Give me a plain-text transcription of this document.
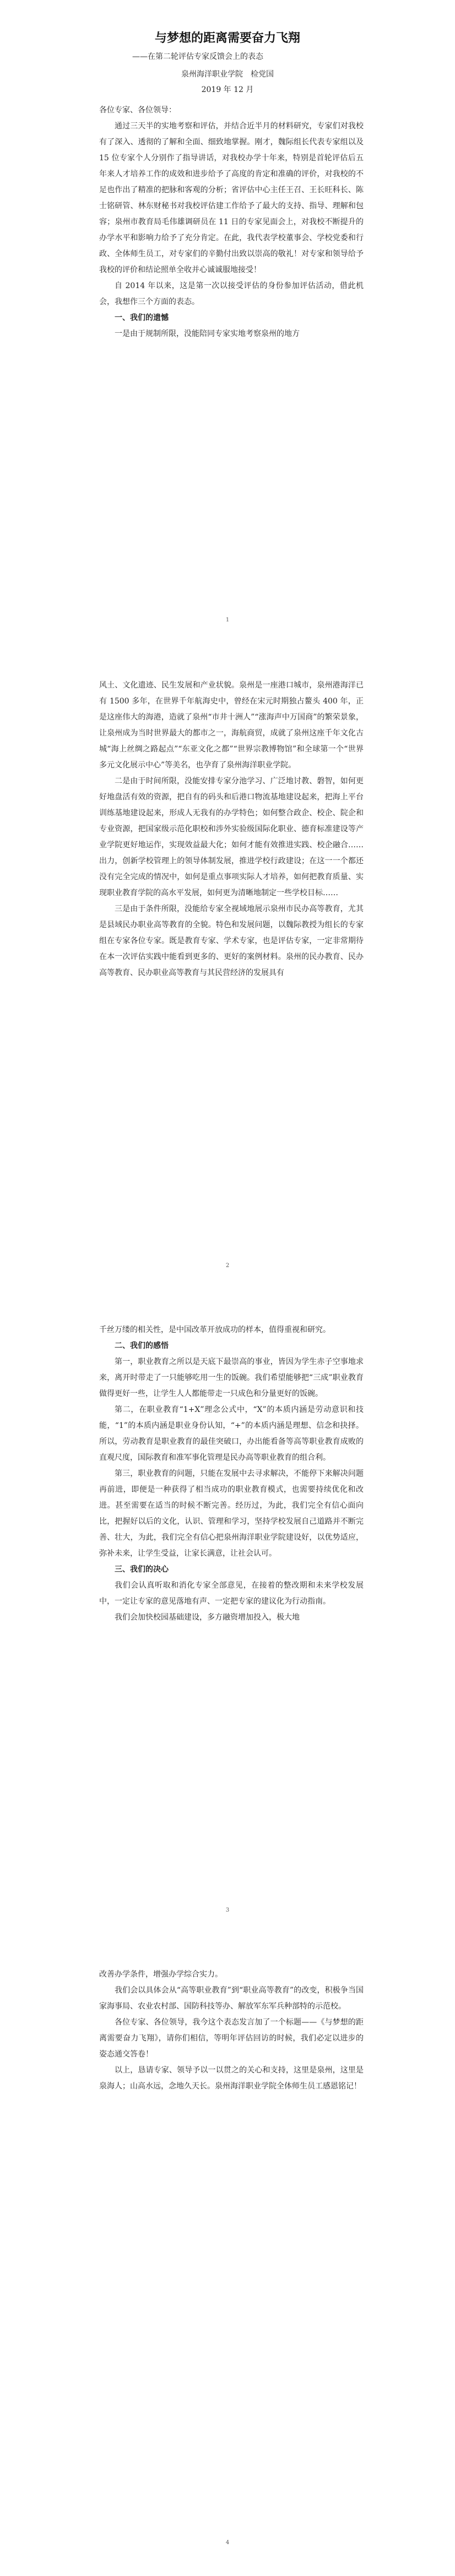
与梦想的距离需要奋力飞翔
——在第二轮评估专家反馈会上的表态
泉州海洋职业学院　检党国
2019 年 12 月

各位专家、各位领导：

通过三天半的实地考察和评估，并结合近半月的材料研究，专家们对我校有了深入、透彻的了解和全面、细致地掌握。刚才，魏际组长代表专家组以及 15 位专家个人分别作了指导讲话，对我校办学十年来，特别是首轮评估后五年来人才培养工作的成效和进步给予了高度的肯定和准确的评价，对我校的不足也作出了精准的把脉和客观的分析；省评估中心主任王召、王长旺科长、陈士铭研管、林东财秘书对我校评估建工作给予了最大的支持、指导、理解和包容；泉州市教育局毛伟雄调研员在 11 日的专家见面会上，对我校不断提升的办学水平和影响力给予了充分肯定。在此，我代表学校董事会、学校党委和行政、全体师生员工，对专家们的辛勤付出致以崇高的敬礼！对专家和领导给予我校的评价和结论照单全收并心诚诚服地接受！

自 2014 年以来，这是第一次以接受评估的身份参加评估活动，借此机会，我想作三个方面的表态。

一、我们的遗憾

一是由于规制所限，没能陪同专家实地考察泉州的地方

1

风土、文化遗迹、民生发展和产业状貌。泉州是一座港口城市，泉州港海洋已有 1500 多年，在世界千年航海史中，曾经在宋元时期独占鳌头 400 年，正是这座伟大的海港，造就了泉州“市井十洲人”“涨海声中万国商”的繁荣景象，让泉州成为当时世界最大的都市之一，海航商贸，成就了泉州这座千年文化古城“海上丝绸之路起点”“东亚文化之都”“世界宗教博物馆”和全球第一个“世界多元文化展示中心”等美名，也孕育了泉州海洋职业学院。

二是由于时间所限，没能安排专家分池学习、广泛地讨教、磐智，如何更好地盘活有效的资源，把自有的码头和后港口物流基地建设起来，把海上平台训练基地建设起来，形成人无我有的办学特色；如何整合政企、校企、院企和专业资源，把国家级示范化职校和涉外实验级国际化职业、德育标准建设等产业学院更好地运作，实现效益最大化；如何才能有效推进实践、校企融合……出力，创新学校管理上的领导体制发展，推进学校行政建设；在这一一个都还没有完全完成的情况中，如何是重点事项实际人才培养，如何把教育质量、实现职业教育学院的高水平发展，如何更为清晰地制定一些学校目标……

三是由于条件所限，没能给专家全视域地展示泉州市民办高等教育，尤其是县域民办职业高等教育的全貌。特色和发展问题，以魏际教授为组长的专家组在专家各位专家。既是教育专家、学术专家，也是评估专家，一定非常期待在本一次评估实践中能看到更多的、更好的案例材料。泉州的民办教育、民办高等教育、民办职业高等教育与其民营经济的发展具有

2

千丝万缕的相关性，是中国改革开放成功的样本，值得重视和研究。

二、我们的感悟

第一，职业教育之所以是天底下最崇高的事业，皆因为学生赤子空事地求来，离开时带走了一只能够吃用一生的饭碗。我们希望能够把“三成”职业教育做得更好一些，让学生人人都能带走一只成色和分量更好的饭碗。

第二，在职业教育“1+X”理念公式中，“X”的本质内涵是劳动意识和技能，“1”的本质内涵是职业身份认知，“+”的本质内涵是理想、信念和抉择。所以，劳动教育是职业教育的最佳突破口，办出能看备等高等职业教育成败的直观尺度，国际教育和准军事化管理是民办高等职业教育的组合利。

第三，职业教育的问题，只能在发展中去寻求解决，不能停下来解决问题再前进，即便是一种获得了相当成功的职业教育模式，也需要持续优化和改进。甚至需要在适当的时候不断完善。经历过，为此，我们完全有信心面向比，把握好以后的文化，认识、管理和学习，坚持学校发展自己道路并不断完善、壮大，为此，我们完全有信心把泉州海洋职业学院建设好，以优势适应，弥补未来，让学生受益，让家长满意，让社会认可。

三、我们的决心

我们会认真听取和消化专家全部意见，在接着的整改期和未来学校发展中，一定让专家的意见落地有声、一定把专家的建议化为行动指南。

我们会加快校园基础建设，多方融资增加投入，极大地

3

改善办学条件，增强办学综合实力。

我们会以具体会从“高等职业教育”到“职业高等教育”的改变，积极争当国家海事局、农业农村部、国防科技等办、解放军东军兵种部特的示范校。

各位专家、各位领导，我今这个表态发言加了一个标题——《与梦想的距离需要奋力飞翔》，请你们相信，等明年评估回访的时候，我们必定以进步的姿态通交答卷！

以上，恳请专家、领导予以一以贯之的关心和支持，这里是泉州，这里是泉海人；山高水远，念地久天长。泉州海洋职业学院全体师生员工感恩铭记！

4
